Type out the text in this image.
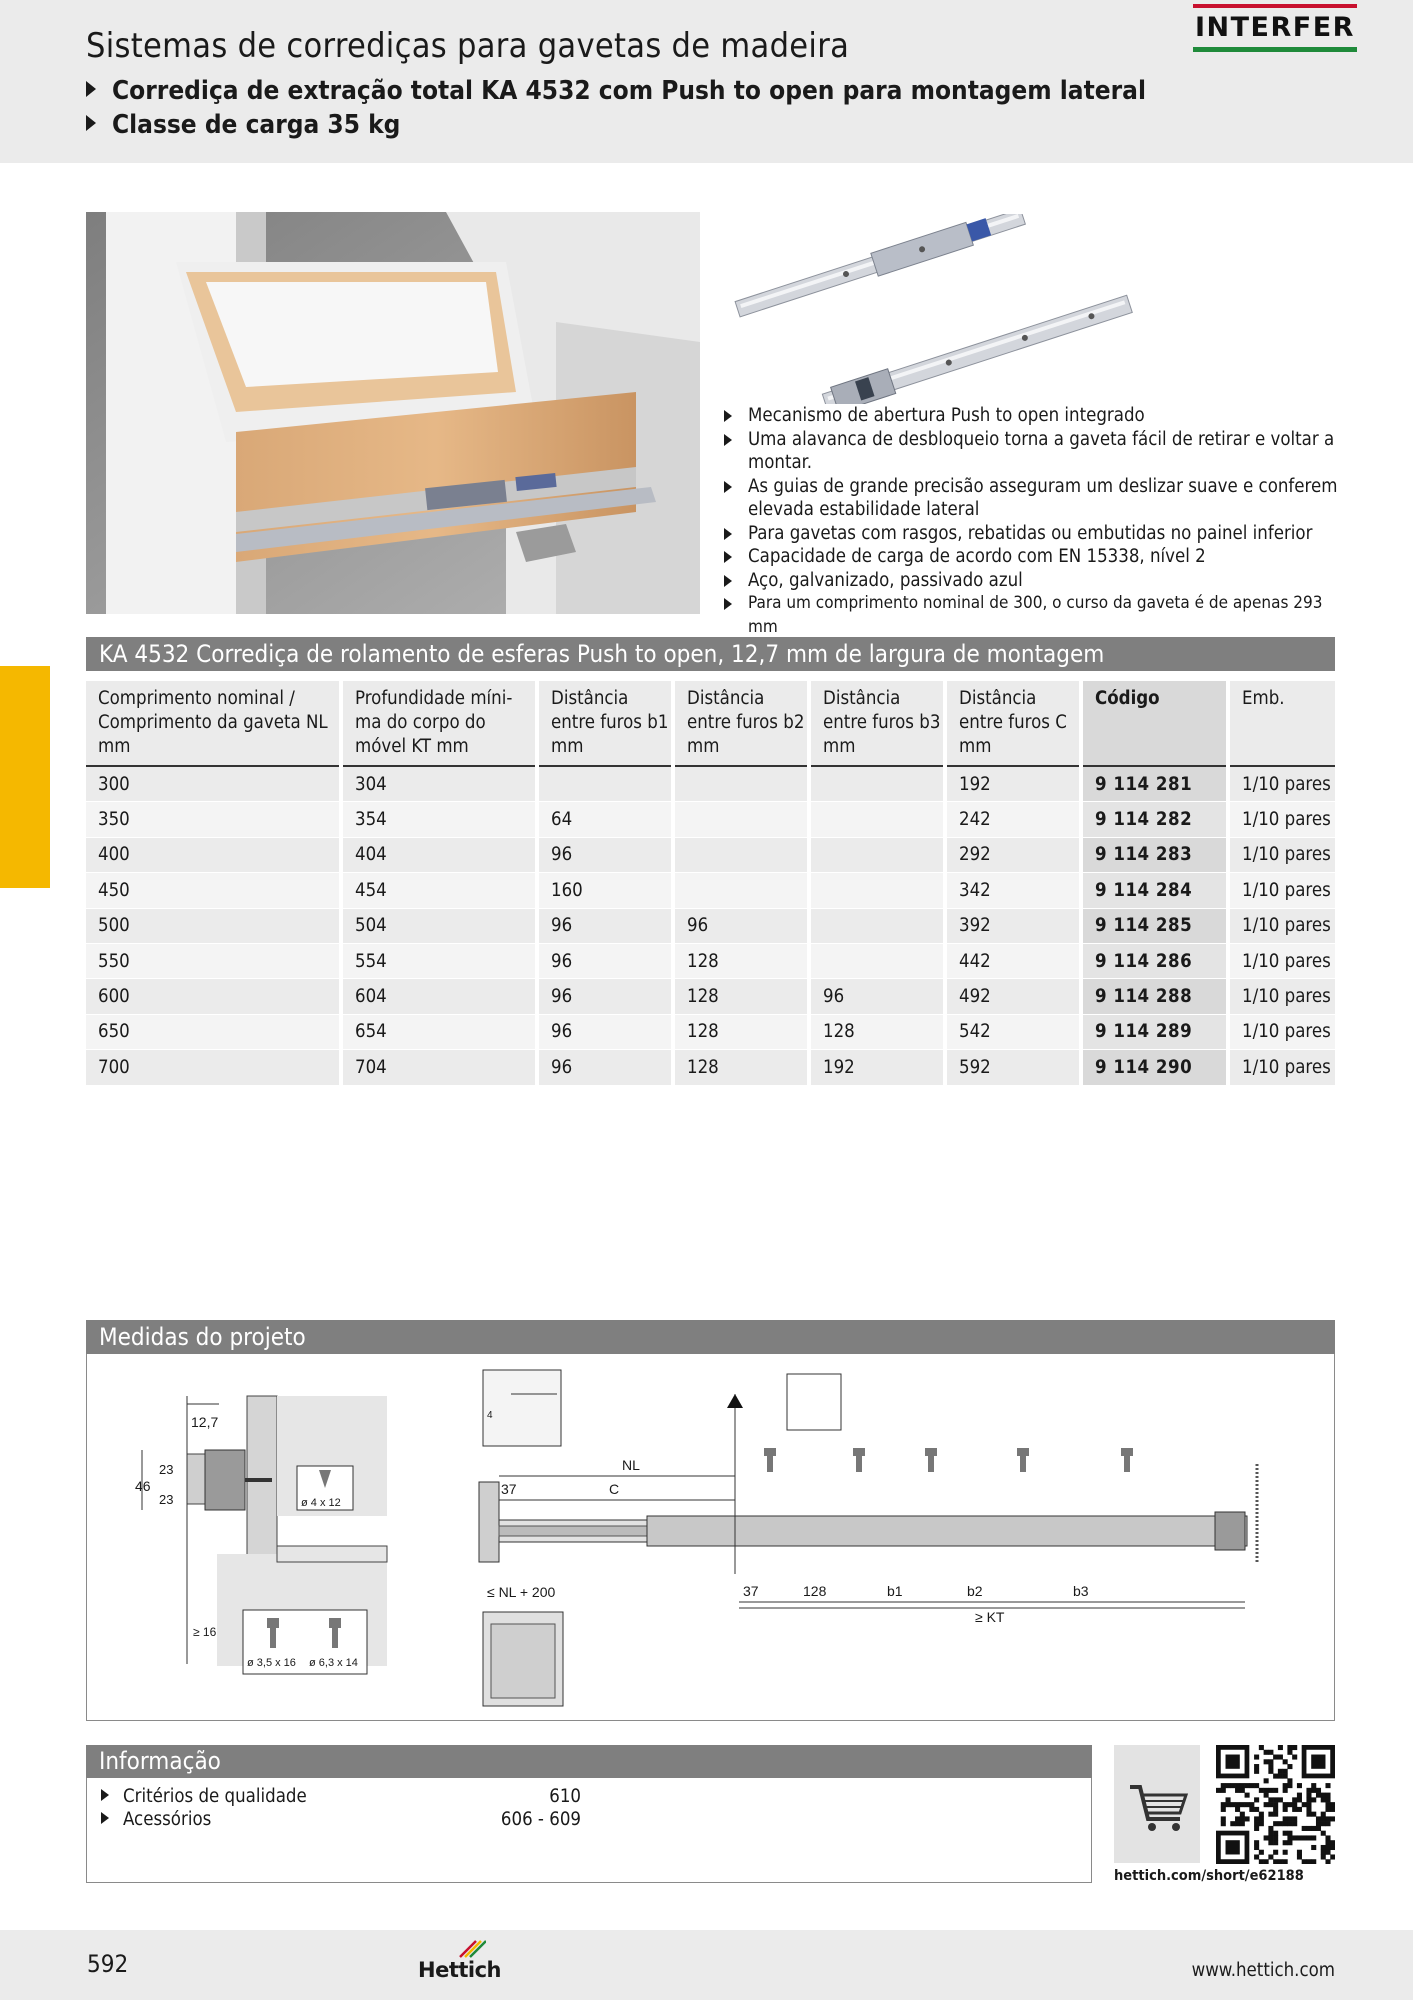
Sistemas de corrediças para gavetas de madeira
Corrediça de extração total KA 4532 com Push to open para montagem lateral
Classe de carga 35 kg
INTERFER
Mecanismo de abertura Push to open integrado
Uma alavanca de desbloqueio torna a gaveta fácil de retirar e voltar a montar.
As guias de grande precisão asseguram um deslizar suave e conferem elevada estabilidade lateral
Para gavetas com rasgos, rebatidas ou embutidas no painel inferior
Capacidade de carga de acordo com EN 15338, nível 2
Aço, galvanizado, passivado azul
Para um comprimento nominal de 300, o curso da gaveta é de apenas 293 mm
KA 4532 Corrediça de rolamento de esferas Push to open, 12,7 mm de largura de montagem
Comprimento nominal / Comprimento da gaveta NL mm	Profundidade míni-ma do corpo do móvel KT mm	Distância entre furos b1 mm	Distância entre furos b2 mm	Distância entre furos b3 mm	Distância entre furos C mm	Código	Emb.
300	304				192	9 114 281	1/10 pares
350	354	64			242	9 114 282	1/10 pares
400	404	96			292	9 114 283	1/10 pares
450	454	160			342	9 114 284	1/10 pares
500	504	96	96		392	9 114 285	1/10 pares
550	554	96	128		442	9 114 286	1/10 pares
600	604	96	128	96	492	9 114 288	1/10 pares
650	654	96	128	128	542	9 114 289	1/10 pares
700	704	96	128	192	592	9 114 290	1/10 pares
Medidas do projeto
12,7
46
23
23	ø 4 x 12
≥ 16
ø 3,5 x 16 ø 6,3 x 14
4
NL
37	C
≤ NL + 200	37	128	b1	b2	b3
≥ KT
Informação
Critérios de qualidade	610
Acessórios	606 - 609
hettich.com/short/e62188
592	Hettich	www.hettich.com
